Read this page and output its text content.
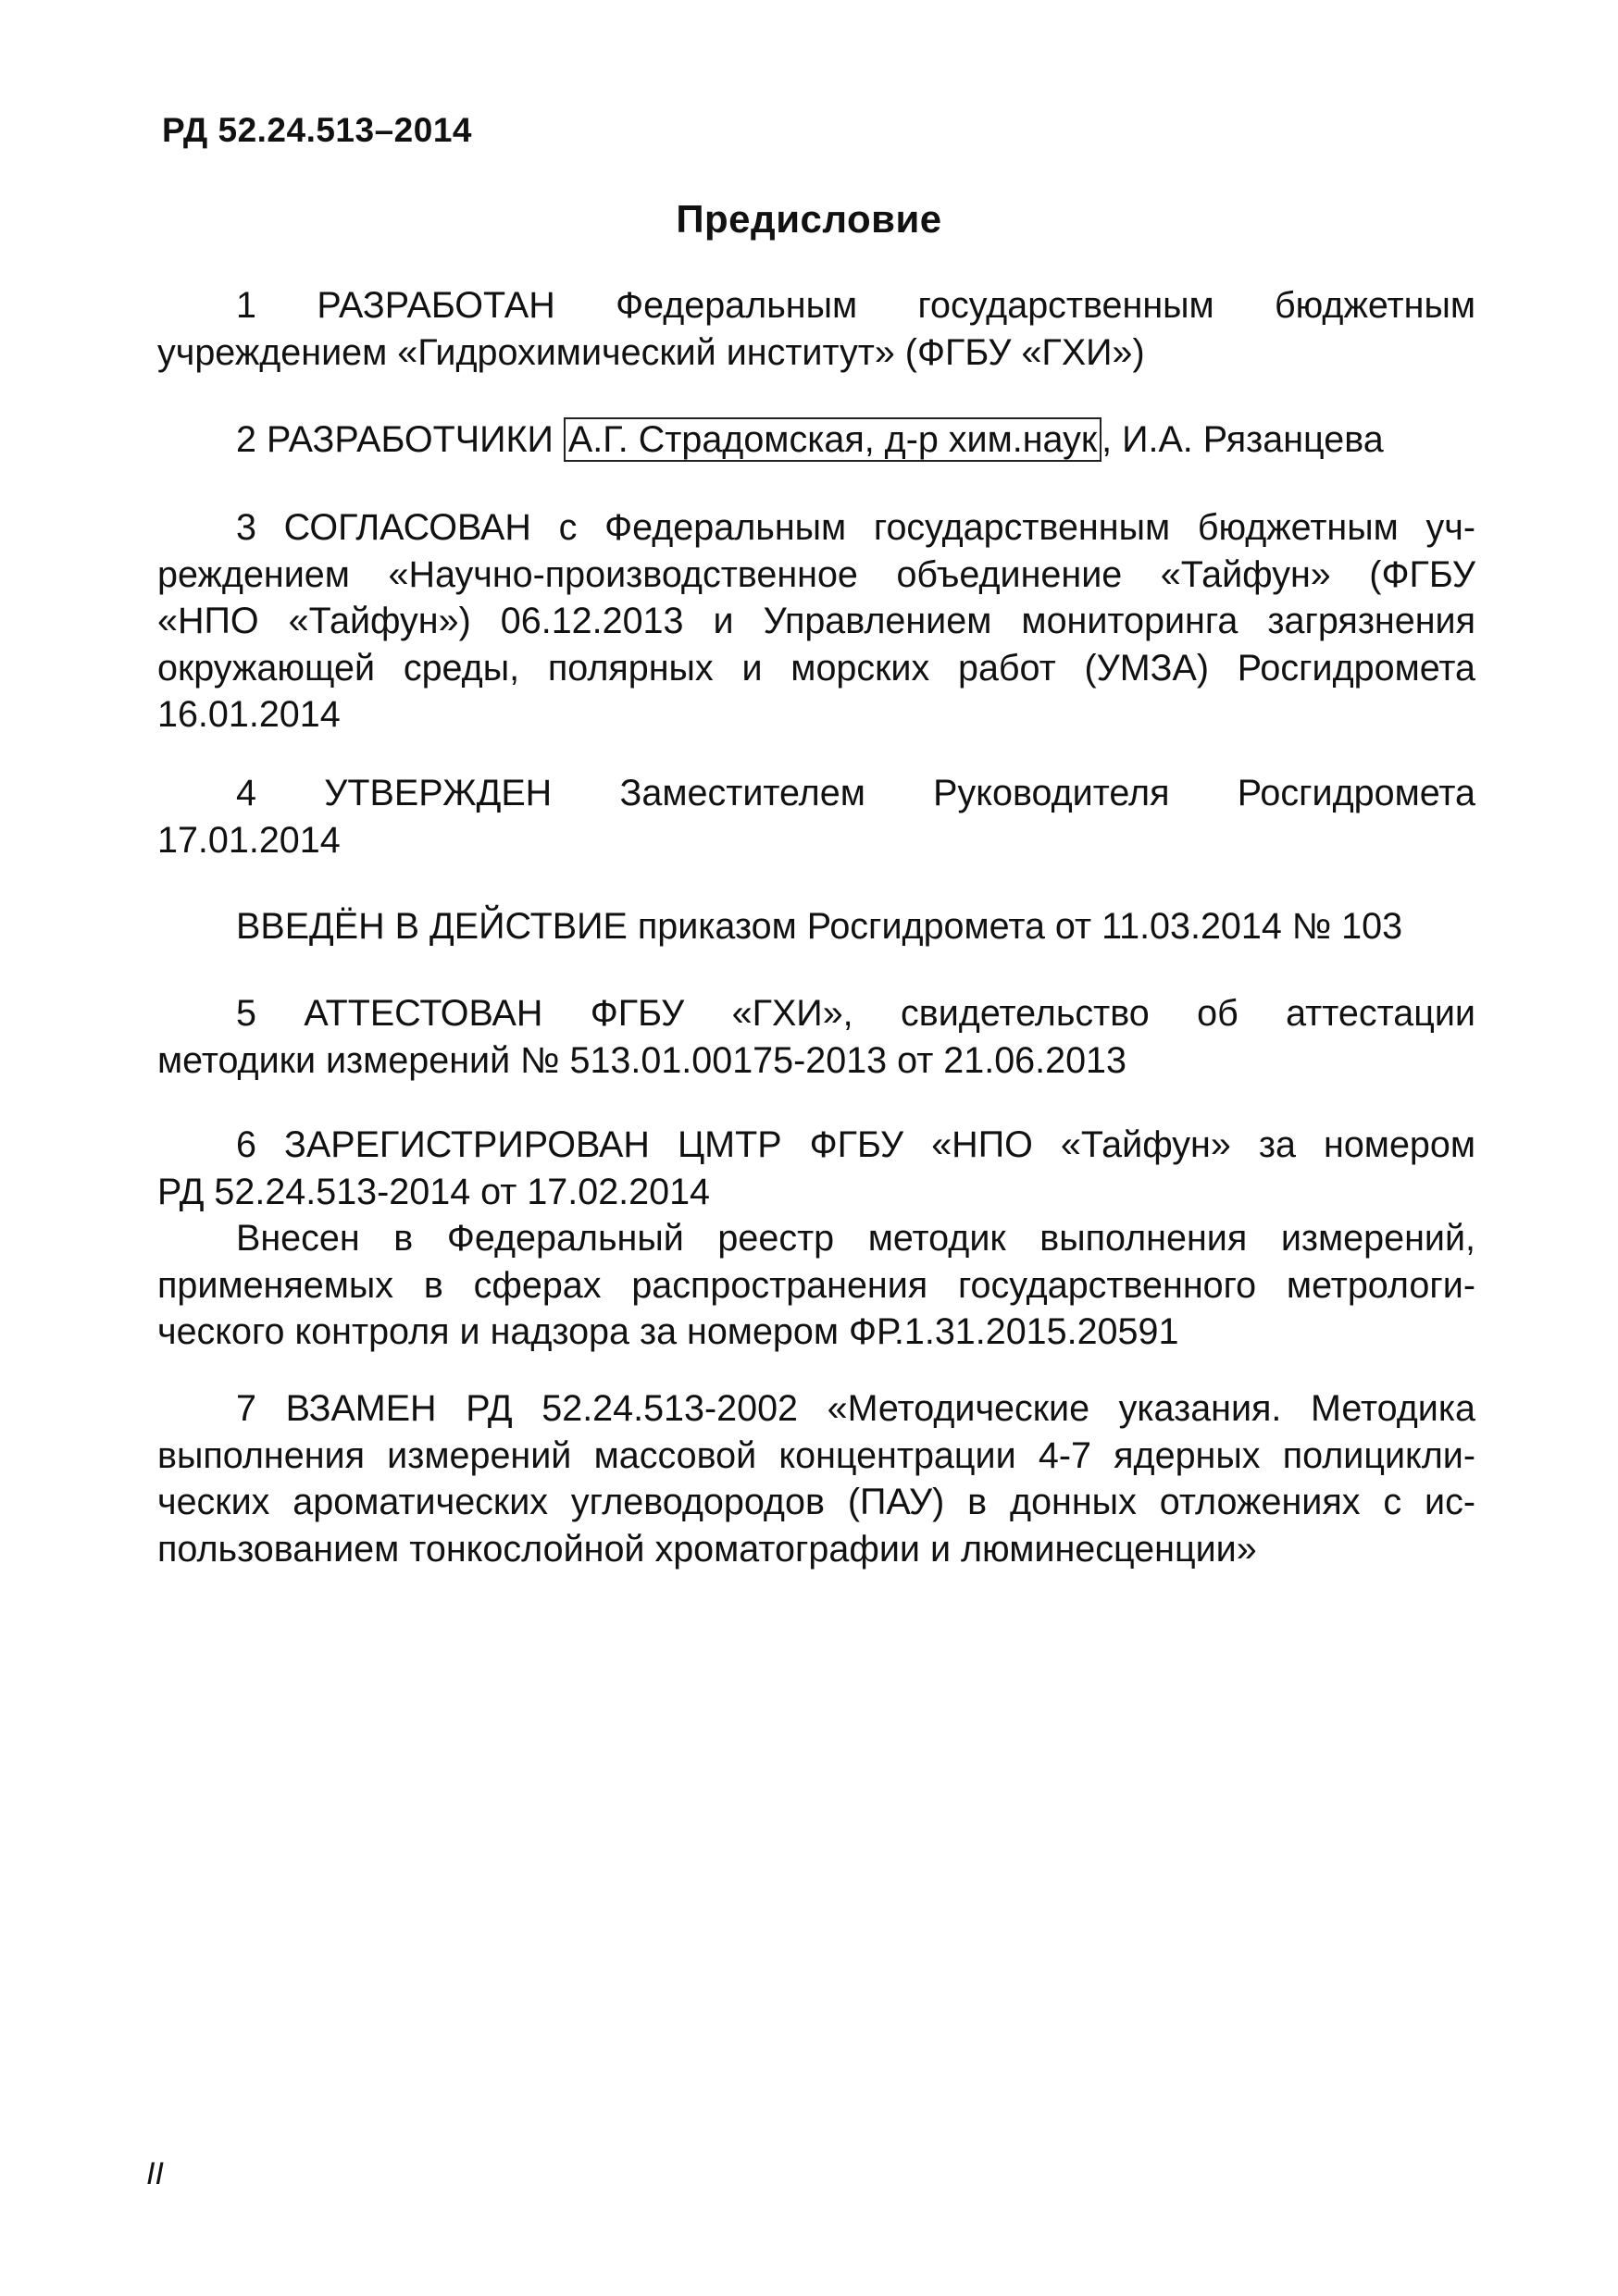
РД 52.24.513–2014
Предисловие
1 РАЗРАБОТАН Федеральным государственным бюджетным
учреждением «Гидрохимический институт» (ФГБУ «ГХИ»)
2 РАЗРАБОТЧИКИ А.Г. Страдомская, д-р хим.наук , И.А. Рязанцева
3 СОГЛАСОВАН с Федеральным государственным бюджетным уч-
реждением «Научно-производственное объединение «Тайфун» (ФГБУ
«НПО «Тайфун») 06.12.2013 и Управлением мониторинга загрязнения
окружающей среды, полярных и морских работ (УМЗА) Росгидромета
16.01.2014
4 УТВЕРЖДЕН Заместителем Руководителя Росгидромета
17.01.2014
ВВЕДЁН В ДЕЙСТВИЕ приказом Росгидромета от 11.03.2014 № 103
5 АТТЕСТОВАН ФГБУ «ГХИ», свидетельство об аттестации
методики измерений № 513.01.00175-2013 от 21.06.2013
6 ЗАРЕГИСТРИРОВАН ЦМТР ФГБУ «НПО «Тайфун» за номером
РД 52.24.513-2014 от 17.02.2014
Внесен в Федеральный реестр методик выполнения измерений,
применяемых в сферах распространения государственного метрологи-
ческого контроля и надзора за номером ФР.1.31.2015.20591
7 ВЗАМЕН РД 52.24.513-2002 «Методические указания. Методика
выполнения измерений массовой концентрации 4-7 ядерных полицикли-
ческих ароматических углеводородов (ПАУ) в донных отложениях с ис-
пользованием тонкослойной хроматографии и люминесценции»
II
